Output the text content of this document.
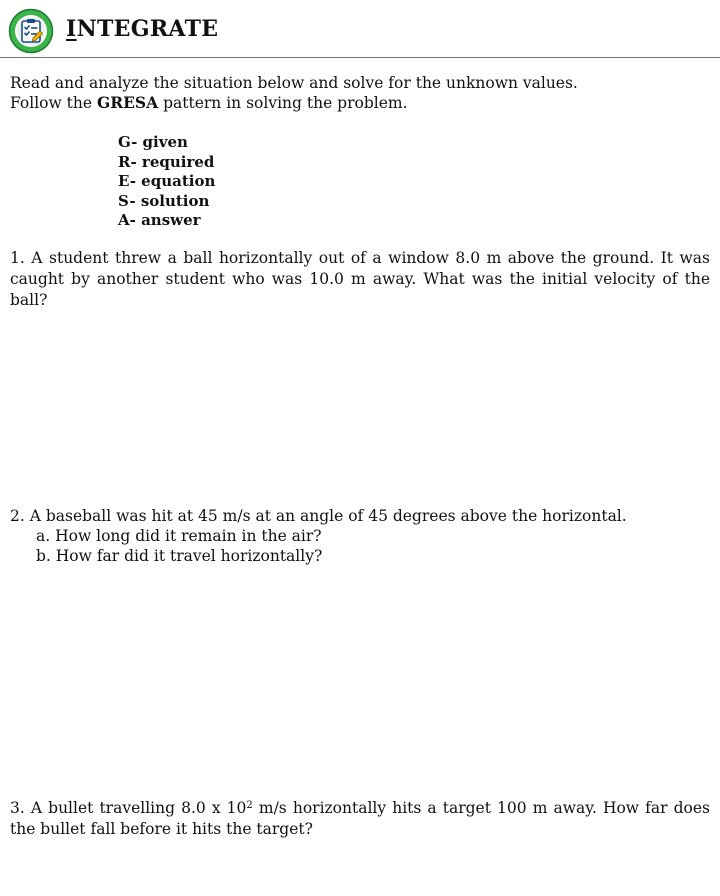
INTEGRATE
Read and analyze the situation below and solve for the unknown values.
Follow the GRESA pattern in solving the problem.
G- given
R- required
E- equation
S- solution
A- answer
1. A student threw a ball horizontally out of a window 8.0 m above the ground. It was caught by another student who was 10.0 m away. What was the initial velocity of the ball?
2. A baseball was hit at 45 m/s at an angle of 45 degrees above the horizontal.
a. How long did it remain in the air?
b. How far did it travel horizontally?
3. A bullet travelling 8.0 x $10^2$ m/s horizontally hits a target 100 m away. How far does the bullet fall before it hits the target?
